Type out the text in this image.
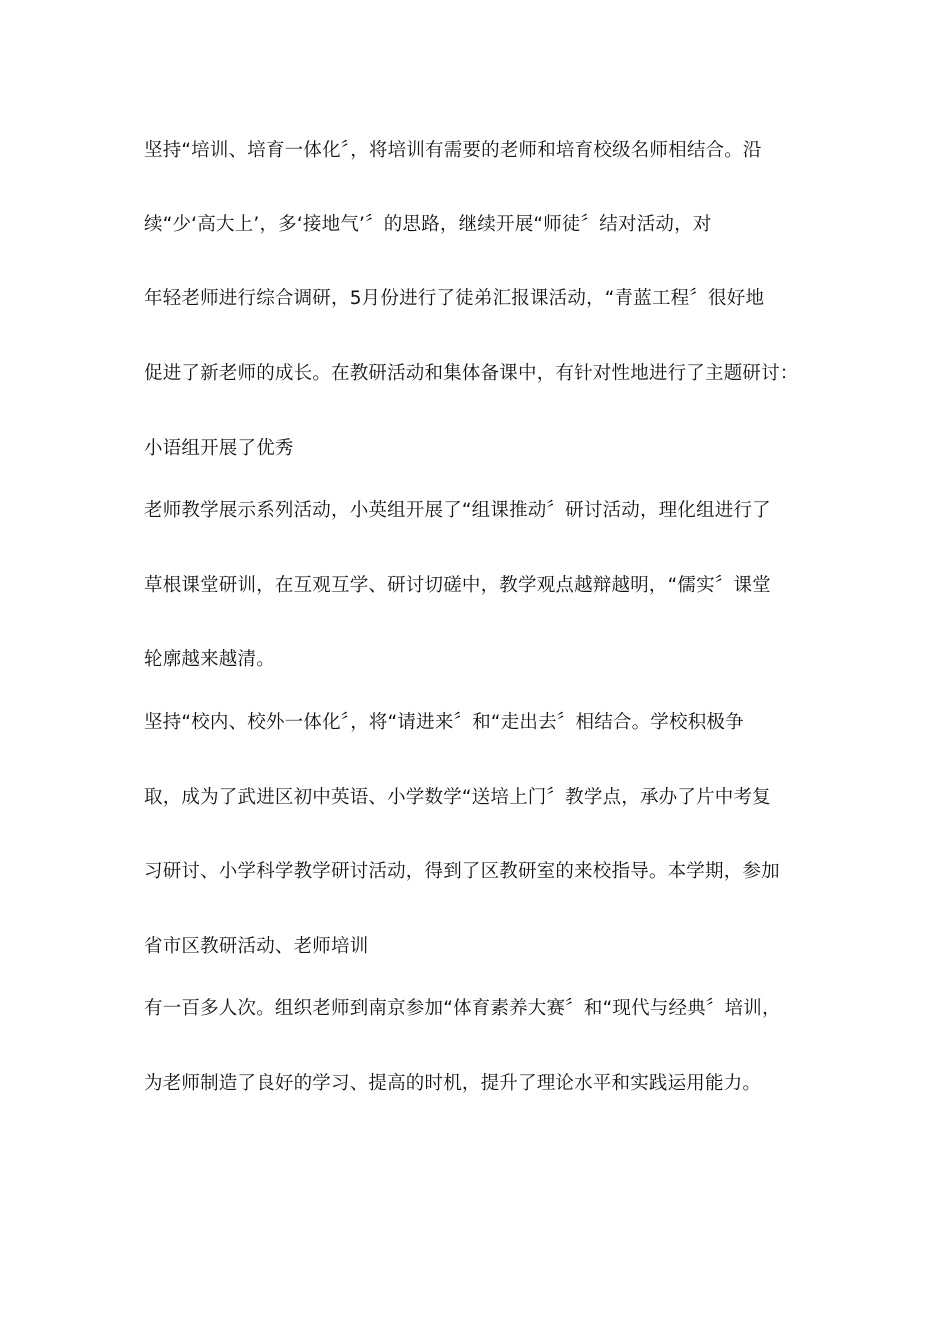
坚持“培训、培育一体化〞，将培训有需要的老师和培育校级名师相结合。沿
续“少‘高大上’，多‘接地气’〞的思路，继续开展“师徒〞结对活动，对
年轻老师进行综合调研，5月份进行了徒弟汇报课活动，“青蓝工程〞很好地
促进了新老师的成长。在教研活动和集体备课中，有针对性地进行了主题研讨：
小语组开展了优秀
老师教学展示系列活动，小英组开展了“组课推动〞研讨活动，理化组进行了
草根课堂研训，在互观互学、研讨切磋中，教学观点越辩越明，“儒实〞课堂
轮廓越来越清。
坚持“校内、校外一体化〞，将“请进来〞和“走出去〞相结合。学校积极争
取，成为了武进区初中英语、小学数学“送培上门〞教学点，承办了片中考复
习研讨、小学科学教学研讨活动，得到了区教研室的来校指导。本学期，参加
省市区教研活动、老师培训
有一百多人次。组织老师到南京参加“体育素养大赛〞和“现代与经典〞培训，
为老师制造了良好的学习、提高的时机，提升了理论水平和实践运用能力。
